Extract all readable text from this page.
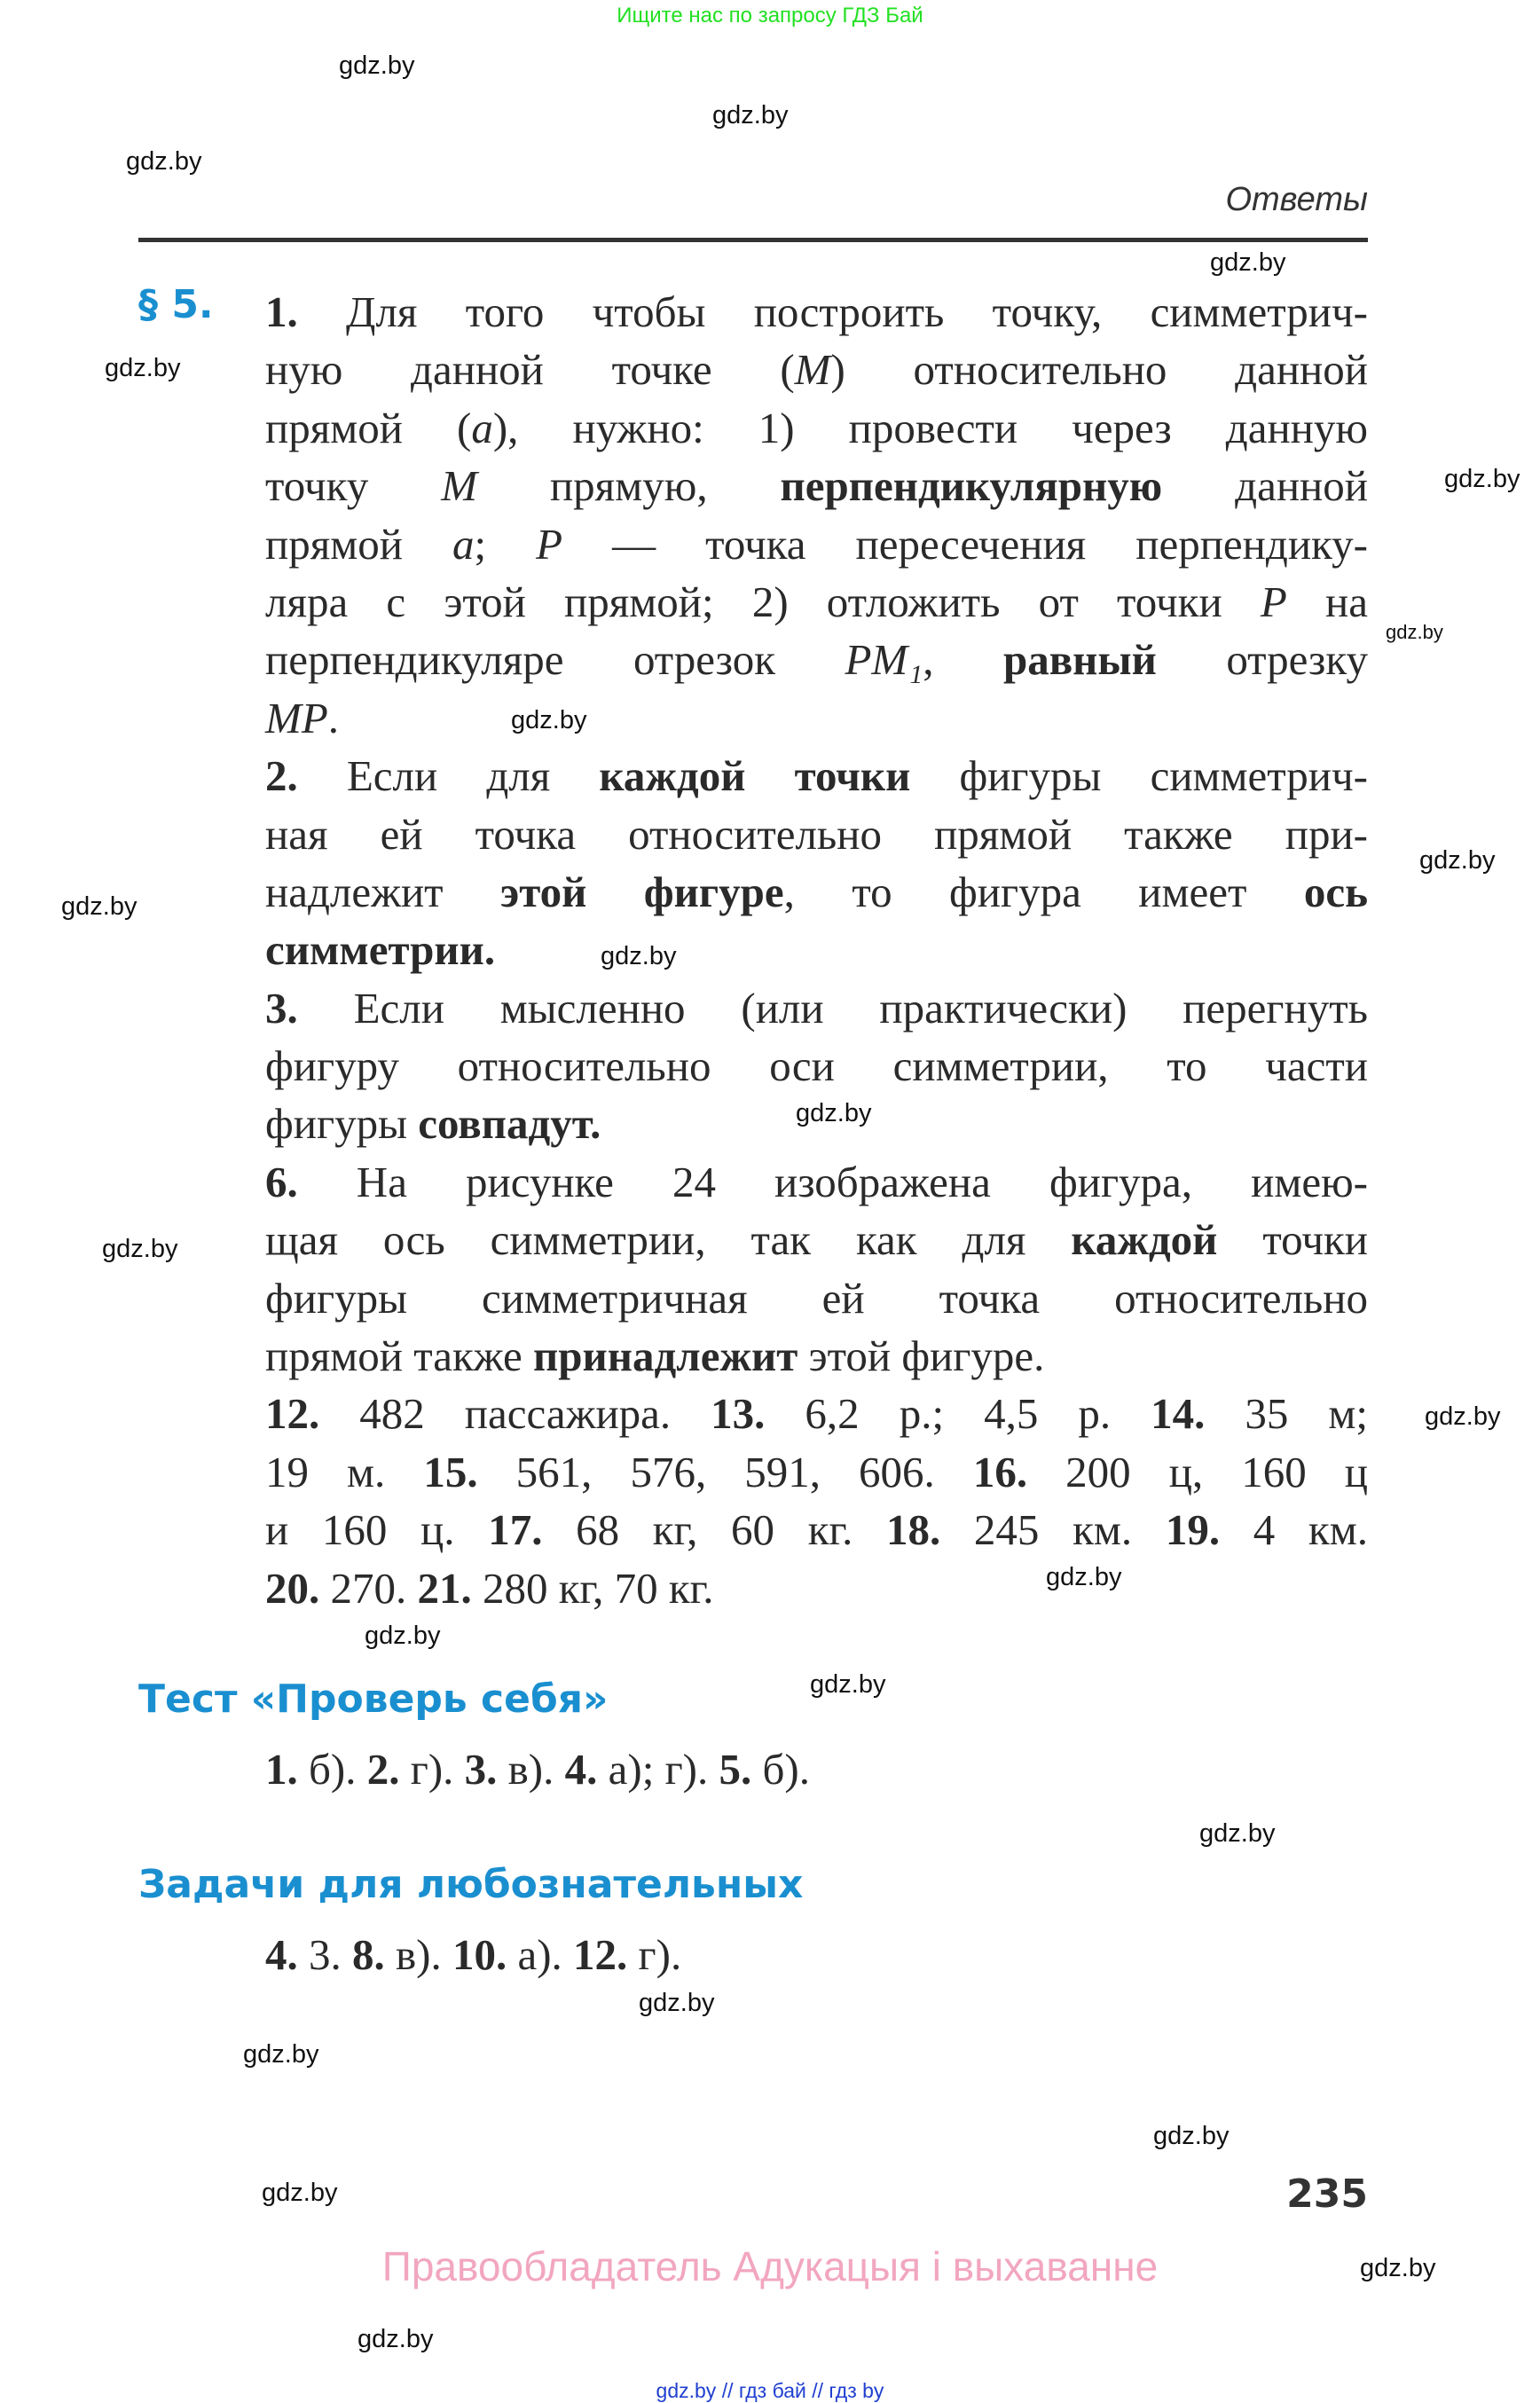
Ищите нас по запросу ГДЗ Бай
gdz.by
gdz.by
gdz.by
gdz.by
gdz.by
gdz.by
gdz.by
gdz.by
gdz.by
gdz.by
gdz.by
gdz.by
gdz.by
gdz.by
gdz.by
gdz.by
gdz.by
gdz.by
gdz.by
gdz.by
gdz.by
gdz.by
gdz.by
gdz.by
Ответы
§ 5. 1. Для того чтобы построить точку, симметрич-
ную данной точке (M) относительно данной
прямой (a), нужно: 1) провести через данную
точку M прямую, перпендикулярную данной
прямой a; P — точка пересечения перпендику-
ляра с этой прямой; 2) отложить от точки P на
перпендикуляре отрезок PM₁, равный отрезку
MP.
2. Если для каждой точки фигуры симметрич-
ная ей точка относительно прямой также при-
надлежит этой фигуре, то фигура имеет ось
симметрии.
3. Если мысленно (или практически) перегнуть
фигуру относительно оси симметрии, то части
фигуры совпадут.
6. На рисунке 24 изображена фигура, имею-
щая ось симметрии, так как для каждой точки
фигуры симметричная ей точка относительно
прямой также принадлежит этой фигуре.
12. 482 пассажира. 13. 6,2 р.; 4,5 р. 14. 35 м;
19 м. 15. 561, 576, 591, 606. 16. 200 ц, 160 ц
и 160 ц. 17. 68 кг, 60 кг. 18. 245 км. 19. 4 км.
20. 270. 21. 280 кг, 70 кг.
Тест «Проверь себя»
1. б). 2. г). 3. в). 4. а); г). 5. б).
Задачи для любознательных
4. 3. 8. в). 10. а). 12. г).
235
Правообладатель Адукацыя і выхаванне
gdz.by // гдз бай // гдз by
